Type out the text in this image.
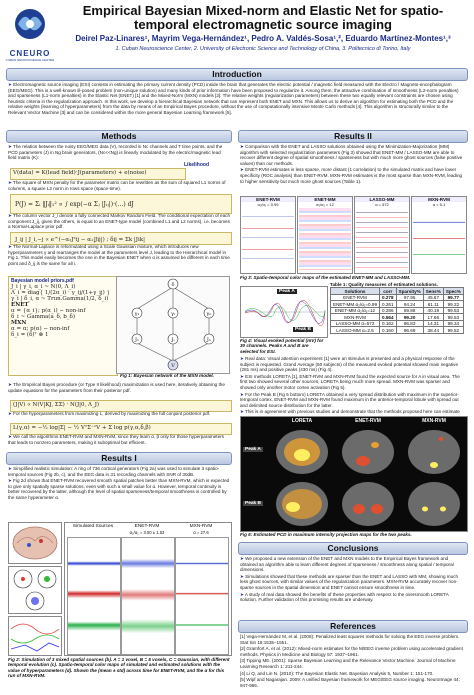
CNEURO
CUBAN NEUROSCIENCE CENTER
Empirical Bayesian Mixed-norm and Elastic Net for spatio-temporal electromagnetic source imaging
Deirel Paz-Linares¹, Mayrim Vega-Hernández¹, Pedro A. Valdés-Sosa¹,², Eduardo Martínez-Montes¹,³
1. Cuban Neuroscience Center, 2. University of Electronic Science and Technology of China, 3. Politecnico di Torino, Italy
Introduction

➤ Electromagnetic source imaging (ESI) consists in estimating the primary current density (PCD) inside the brain that generates the electric potential / magnetic field measured with the Electro / Magneto-encephalogram (EEG/MEG). This is a well-known ill-posed problem (non-unique solution) and many kinds of prior information have been proposed to regularize it. Among them, the attractive combination of smoothness (L2-norm penalties) and sparseness (L1-norm penalties) in the Elastic Net (ENET) [1] and the Mixed-Norm (MXN) models [2]. The relative weights (regularization parameters) between these two equally relevant constraints are chosen using heuristic criteria in the regularization approach. In this work, we develop a hierarchical Bayesian network that can represent both ENET and MXN. This allows us to derive an algorithm for estimating both the PCD and the relative weights (learning of hyperparameters) from the data by means of an Empirical Bayes procedure, without the use of computationally intensive Monte Carlo methods [4]. This algorithm is structurally similar to the Relevant Vector Machine [3] and can be considered within the more general Bayesian Learning framework [5].

Methods

➤ The relation between the noisy EEG/MEG data (V), recorded in Nc channels and T time points, and the PCD parameters (J) in Ng brain generators, (Nc<<Ng) is linearly modulated by the electric/magnetic lead field matrix (K):

V(data) = K(lead field)·J(parameters) + e(noise)
Likelihood

➤ The square of MXN penalty for the parameter matrix can be rewritten as the sum of squared L1 norms of columns, a square L2 norm in rows space (space-time).

P(J) = Σᵢ ‖Jᵢ‖₁² ∝ ∫ exp(−α Σⱼ |Jᵢⱼ|)·(…) dJ

➤ The column vector J_i denote a fully connected Markov Random Field. The conditional expectation of each component J_ij, given the others, is equal to an ENET-type model (combined L1 and L2 norms), i.e. becomes a Normal-Laplace prior pdf.

J_ij | J_i,−j ∝ e^(−α₂J²ij − α₁|Jij|) ; δij = Σk |Jik|

➤ The Normal-Laplace is reformulated using a Scale Gaussian mixture, which introduces new hyperparameters γ and rearranges the model at the parameters level J, leading to the Hierarchical model in Fig 1. This model easily becomes the one in the Bayesian ENET when α is assumed be different in each time point and δ_ij is the same for all i.

Bayesian model priors.pdf
J_i | γ_i, α_i ~ N(0, Λ_i)
Λ_i = diag{ 1/(2α_i) · γ_ij/(1+γ_ij) }
γ_i | δ_i, α ~ Trun.Gamma(1/2, δ_i)
ENET
α = {α_i}; p(α_i) − non-inf
δ_i ~ Gamma(a_δ, b_δ)
MXN
α = α; p(α) − non-inf
δ_i = (δ)ᵀ ⊗ 1
δ
γ₁	γᵢ	γₙ
J₁	Jᵢ	Jₙ
V
Fig 1: Bayesian network of the MXN model.

➤ The Empirical Bayes procedure (or Type II likelihood) maximization is used here, iteratively obtaining the update equations for the parameters from their posterior pdf.

(J|V) ∝ N(V|KJ, ΣΣ) · N(J|0, Λ_J)

➤ For the hyperparameters from maximizing L, derived by maximizing the full conjoint posterior pdf.

L(γ,α) = −½ log|Σ| − ½ VᵀΣ⁻¹V + Σ log p(γ,α,δ,β)

➤ We call the algorithms ENET-RVM and MXN-RVM, since they learn α, β only for those hyperparameters that leads to nonzero parameters, making it suboptimal but efficient.

Results I

➤ Simplified realistic simulation: A ring of 736 cortical generators (Fig 2a) was used to simulate 3 spatio-temporal sources (Fig 2b, c), and the EEG data in 31 recording channels with SNR of 30dB.

➤ Fig 2d shows that ENET-RVM recovered smooth spatial patches better than MXN-RVM, which is expected to give only spatially sparse solutions, even with such a small value for α. However, temporal continuity is better recovered by the latter, although the level of spatial sparseness/temporal smoothness is controlled by the same hyperameter α.

Simulated Sources	ENET-RVM	MXN-RVM
α₂/α₁ = 3.00 ± 1.53	α = 27.6
Fig 2: Simulation of 3 mixed spatial sources (b). A = 1 voxel, B = 5 voxels, C = Gaussian, with different temporal evolution (c). Spatio-temporal color maps of simulated and estimated solutions with the value of hyperparameters (d). Shown the (mean ± std) across time for ENET-RVM, and the α for this run of MXN-RVM.
Results II

➤ Comparison with the ENET and LASSO solutions obtained using the Minimization-Majorization (MM) algorithm with selected regularization parameters (Fig 3) showed that ENET-MM / LASSO-MM are able to recover different degree of spatial smoothness / sparseness but with much more ghost sources (false positive values) than our methods.

➤ ENET-RVM estimates is less sparse, more distant (1 correlation) to the simulated matrix and have lower specificity (ROC analysis) than ENET-RVM. MXN-RVM estimates is the most sparse than MXN-RVM, leading to higher sensitivity but much more ghost sources (Table 1).

ENET-RVM
α₂/α₁ = 0.99
ENET-MM
α₂/α₁ = 12
LASSO-MM
α = 572
MXN-RVM
α = 5.1
Fig 3: Spatio-temporal color maps of the estimated ENET-MM and LASSO-MM.
Peak A
Peak B
Fig 4: Visual evoked potential (mV) for 30 channels. Peaks A and B are selected for ESI.
Table 1: Quality measures of estimated solutions.
Solutions	corr	Sparsity%	Sens%	Spec%
ENET-RVM	0.278	97.95	45.67	99.77
ENET-MM α₂/α₁=0.99	0.261	94.24	61.11	99.22
ENET-MM α₂/α₁=12	0.286	69.88	40.19	99.53
MXN-RVM	0.564	99.20	17.66	99.53
LASSO-MM α=572	0.162	96.83	14.31	99.34
LASSO-MM α=2.5	0.160	96.69	38.44	99.52

➤ Real data: Visual attention experiment [1] were an stimulus is presented and a physical response of the subject is requested. Grand Average (50 subjects) of the measured evoked potential showed main negative (281 ms) and positive peaks (430 ms) (Fig 4).

➤ ESI methods LORETA [1], ENET-RVM and MXN-RVM found the expected source for A in visual area. The first two showed several other sources, LORETA being much more spread. MXN-RVM was sparser and showed only another motor cortex activation (Fig 5).

➤ For the Peak B (Fig 5 bottom) LORETA obtained a very spread distribution with maximum in the superior-temporal cortex. ENET-RVM and MXN-RVM found maximum in the anterior-temporal lobule with spread out and delimited source distribution for the latter.

➤ This is in agreement with previous studies and demonstrate that the methods proposed here can estimate

LORETA	ENET-RVM	MXN-RVM
Peak A
Peak B
Fig 5: Estimated PCD in maximum intensity projection maps for the two peaks.
Conclusions

➤ We proposed a new extension of the ENET and MXN models to the Empirical Bayes framework and obtained an algorithm able to learn different degrees of sparseness / smoothness along spatial / temporal dimensions.

➤ Simulations showed that these methods are sparser than the ENET and LASSO with MM, showing much less ghost sources, with similar values of the regularization parameters. MXN-RVM accurately recover non-sparse sources in the spatial dimension and ENET cannot ensure smoothness in time.

➤ A study of real data showed the benefits of these properties with respect to the oversmooth LORETA solution. Further validation of this promising results are underway.

References

[1] Vega-Hernández M, et al. (2008): Penalized least squares methods for solving the EEG inverse problem. Stat Sin 18:1535–1551.

[2] Gramfort A, et al. (2012): Mixed-norm estimates for the M/EEG inverse problem using accelerated gradient methods. Physics in Medicine and Biology 57: 1937–1961.

[3] Tipping ME. (2001): Sparse Bayesian Learning and the Relevance Vector Machine. Journal of Machine Learning Research 1: 211-244.

[4] Li Q, and Lin N. (2010): The Bayesian Elastic Net. Bayesian Analysis 5, Number 1: 151-170.

[5] Wipf and Nagarajan. 2009: A unified Bayesian framework for MEG/EEG source imaging. NeuroImage 44: 947-966.
